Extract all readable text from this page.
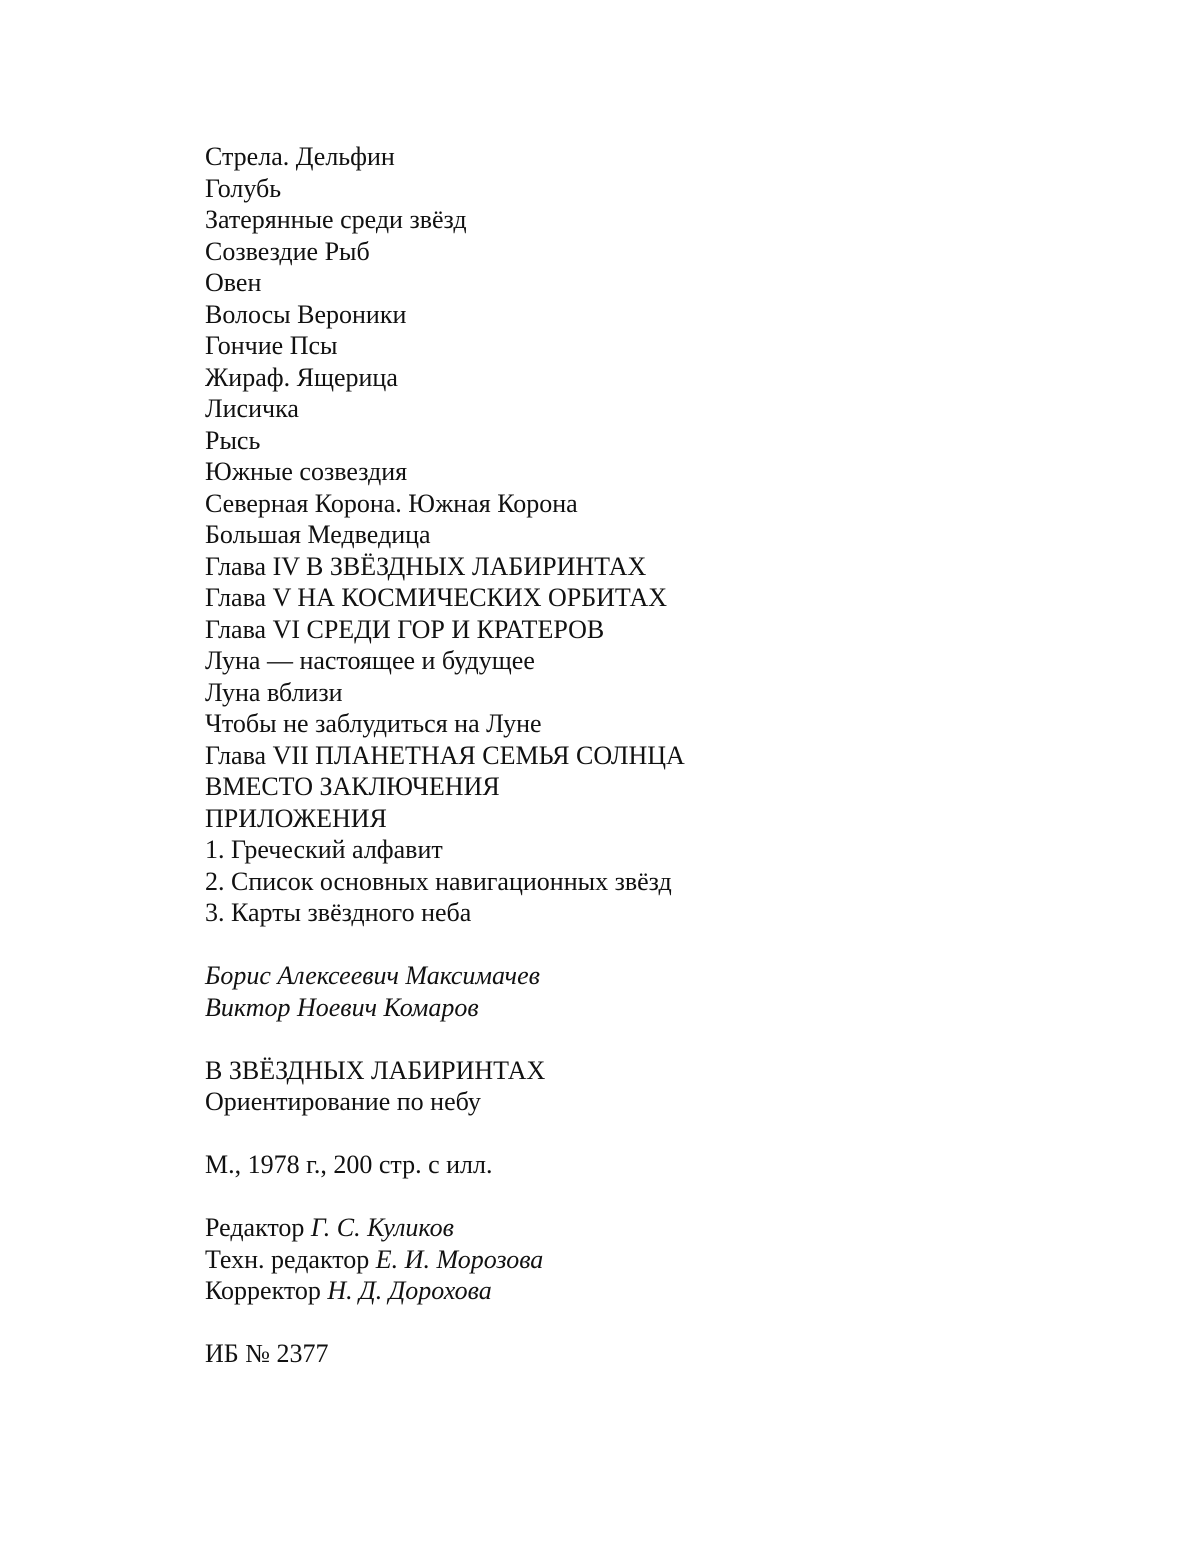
Стрела. Дельфин
Голубь
Затерянные среди звёзд
Созвездие Рыб
Овен
Волосы Вероники
Гончие Псы
Жираф. Ящерица
Лисичка
Рысь
Южные созвездия
Северная Корона. Южная Корона
Большая Медведица
Глава IV В ЗВЁЗДНЫХ ЛАБИРИНТАХ
Глава V НА КОСМИЧЕСКИХ ОРБИТАХ
Глава VI СРЕДИ ГОР И КРАТЕРОВ
Луна — настоящее и будущее
Луна вблизи
Чтобы не заблудиться на Луне
Глава VII ПЛАНЕТНАЯ СЕМЬЯ СОЛНЦА
ВМЕСТО ЗАКЛЮЧЕНИЯ
ПРИЛОЖЕНИЯ
1. Греческий алфавит
2. Список основных навигационных звёзд
3. Карты звёздного неба
Борис Алексеевич Максимачев
Виктор Ноевич Комаров
В ЗВЁЗДНЫХ ЛАБИРИНТАХ
Ориентирование по небу
М., 1978 г., 200 стр. с илл.
Редактор Г. С. Куликов
Техн. редактор Е. И. Морозова
Корректор Н. Д. Дорохова
ИБ № 2377
